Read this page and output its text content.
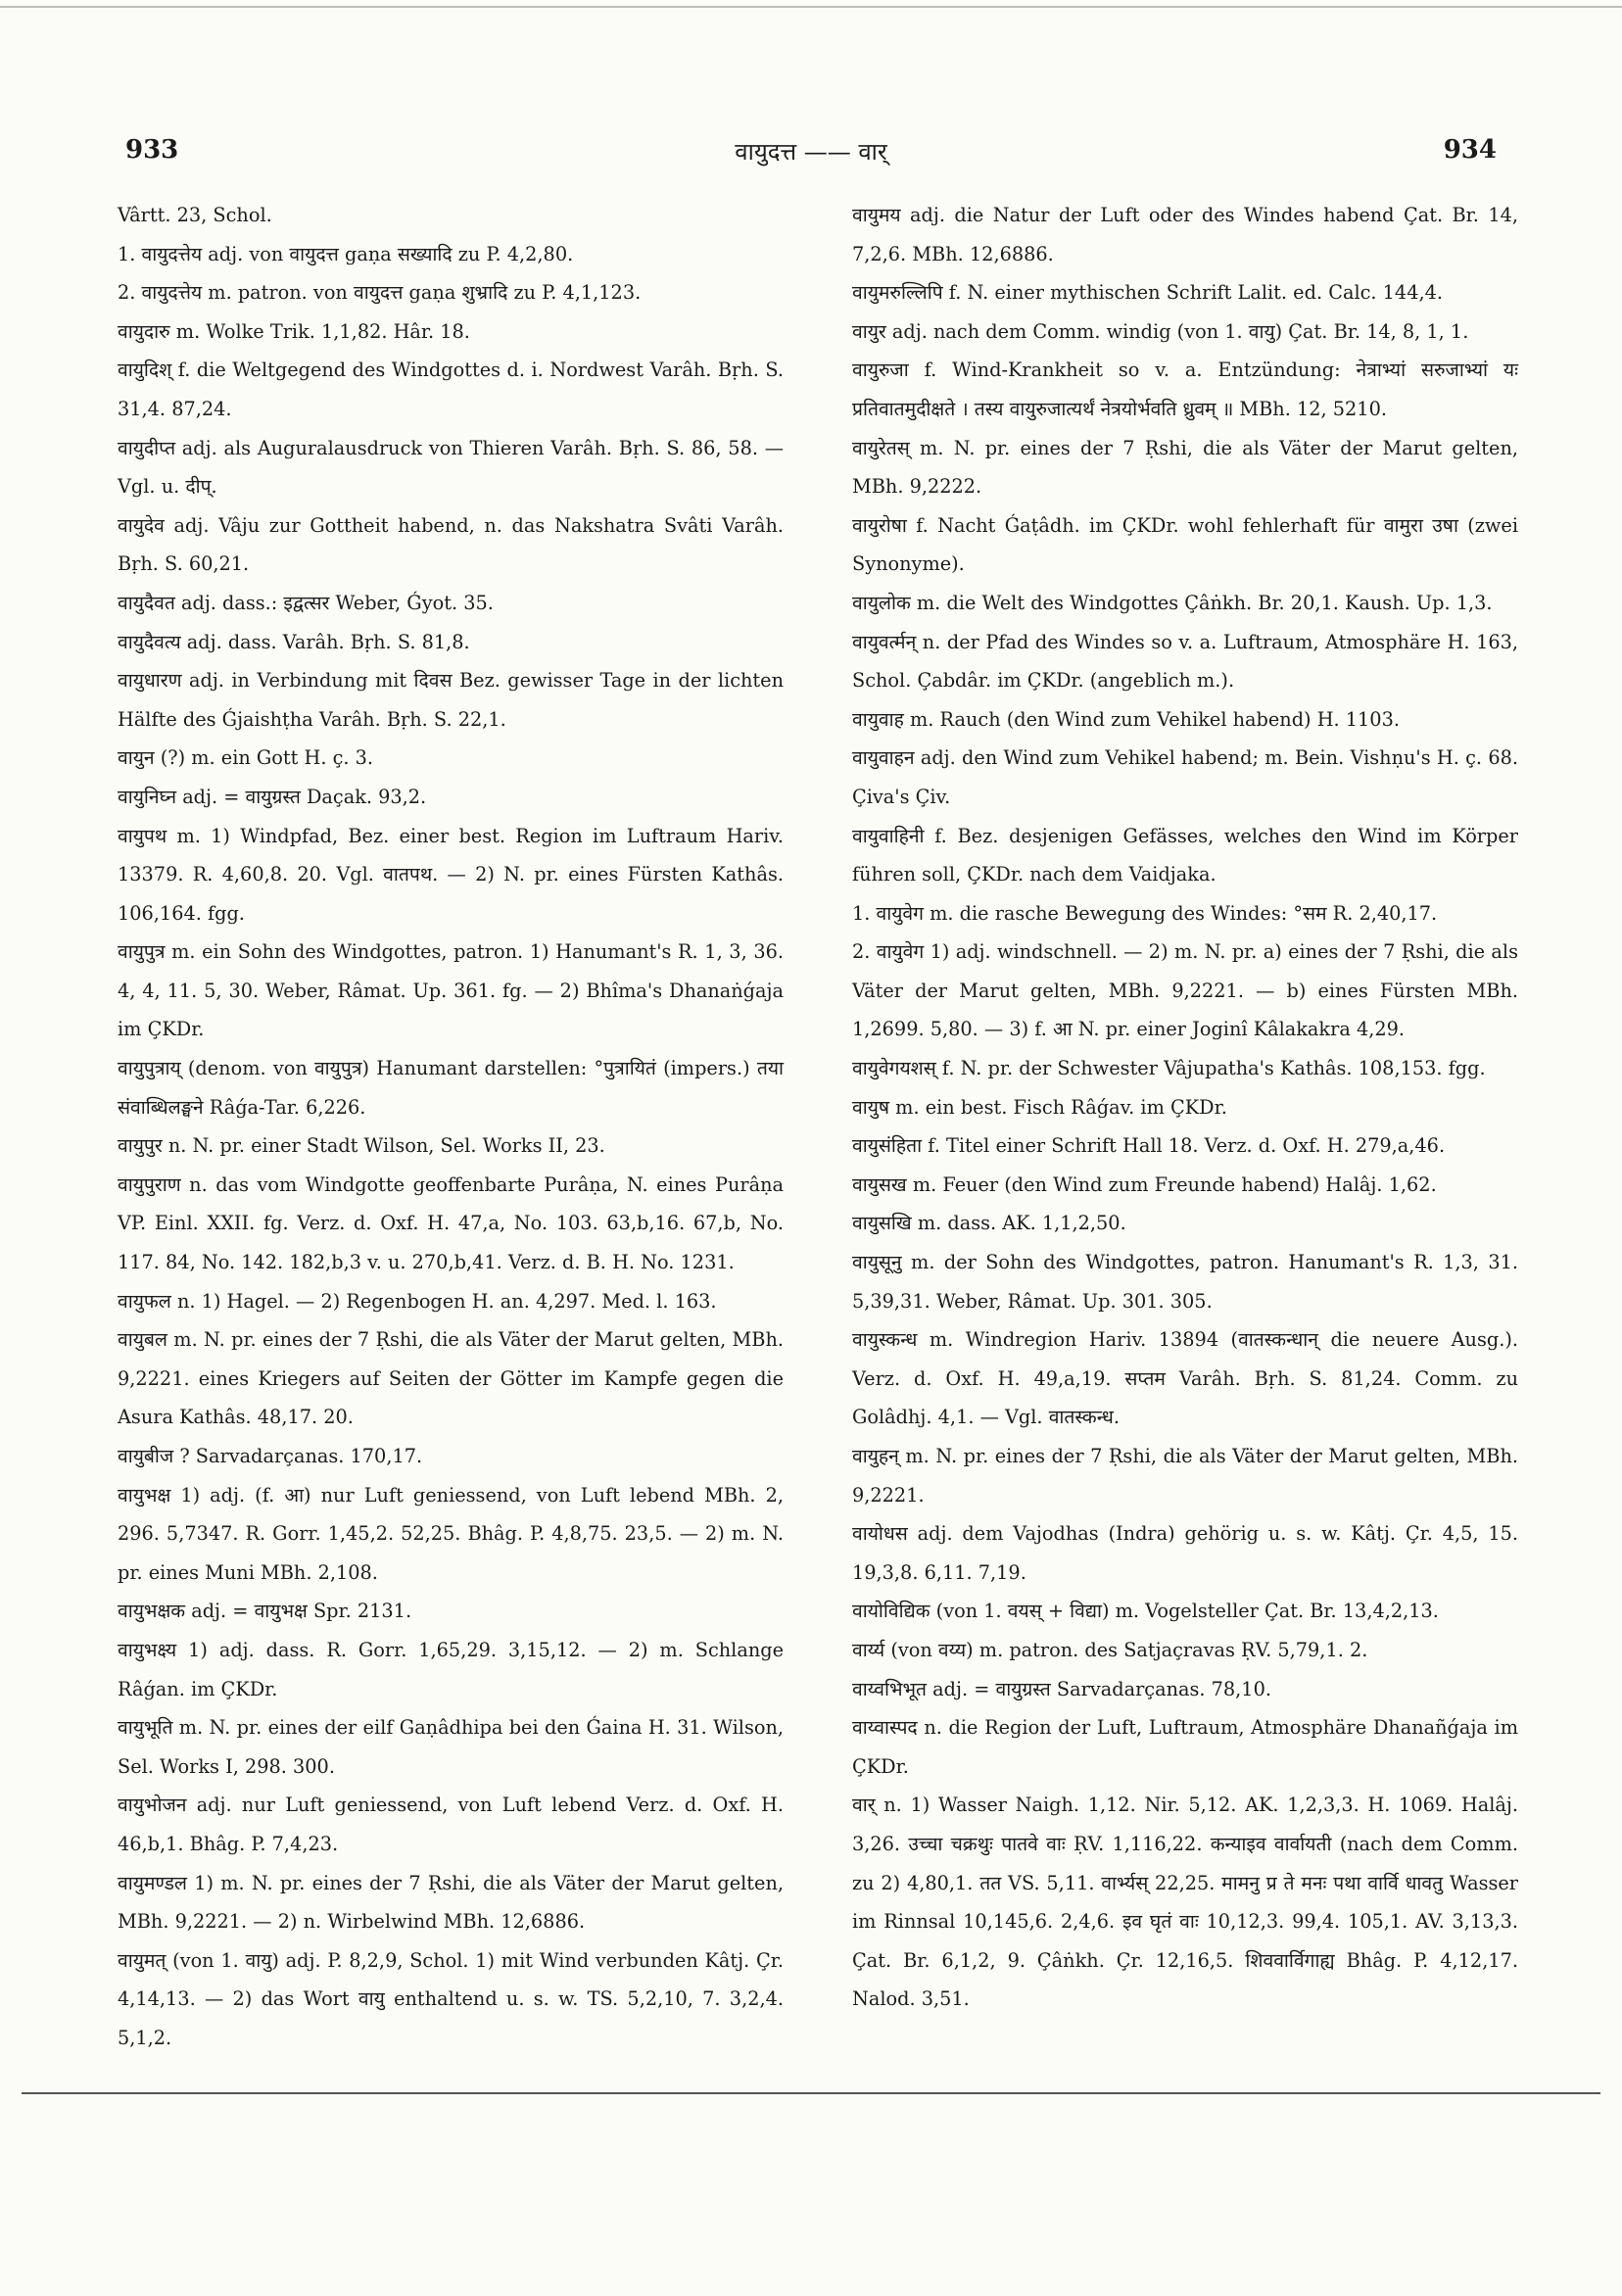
933	वायुदत्त —— वार्	934

Vârtt. 23, Schol.

1. वायुदत्तेय adj. von वायुदत्त gaṇa सख्यादि zu P. 4,2,80.

2. वायुदत्तेय m. patron. von वायुदत्त gaṇa शुभ्रादि zu P. 4,1,123.

वायुदारु m. Wolke Trik. 1,1,82. Hâr. 18.

वायुदिश् f. die Weltgegend des Windgottes d. i. Nordwest Varâh. Bṛh. S. 31,4. 87,24.

वायुदीप्त adj. als Auguralausdruck von Thieren Varâh. Bṛh. S. 86, 58. — Vgl. u. दीप्.

वायुदेव adj. Vâju zur Gottheit habend, n. das Nakshatra Svâti Varâh. Bṛh. S. 60,21.

वायुदैवत adj. dass.: इद्वत्सर Weber, Ǵyot. 35.

वायुदैवत्य adj. dass. Varâh. Bṛh. S. 81,8.

वायुधारण adj. in Verbindung mit दिवस Bez. gewisser Tage in der lichten Hälfte des Ǵjaishṭha Varâh. Bṛh. S. 22,1.

वायुन (?) m. ein Gott H. ç. 3.

वायुनिघ्न adj. = वायुग्रस्त Daçak. 93,2.

वायुपथ m. 1) Windpfad, Bez. einer best. Region im Luftraum Hariv. 13379. R. 4,60,8. 20. Vgl. वातपथ. — 2) N. pr. eines Fürsten Kathâs. 106,164. fgg.

वायुपुत्र m. ein Sohn des Windgottes, patron. 1) Hanumant's R. 1, 3, 36. 4, 4, 11. 5, 30. Weber, Râmat. Up. 361. fg. — 2) Bhîma's Dhanaṅǵaja im ÇKDr.

वायुपुत्राय् (denom. von वायुपुत्र) Hanumant darstellen: °पुत्रायितं (impers.) तया संवाब्धिलङ्घने Râǵa-Tar. 6,226.

वायुपुर n. N. pr. einer Stadt Wilson, Sel. Works II, 23.

वायुपुराण n. das vom Windgotte geoffenbarte Purâṇa, N. eines Purâṇa VP. Einl. XXII. fg. Verz. d. Oxf. H. 47,a, No. 103. 63,b,16. 67,b, No. 117. 84, No. 142. 182,b,3 v. u. 270,b,41. Verz. d. B. H. No. 1231.

वायुफल n. 1) Hagel. — 2) Regenbogen H. an. 4,297. Med. l. 163.

वायुबल m. N. pr. eines der 7 Ṛshi, die als Väter der Marut gelten, MBh. 9,2221. eines Kriegers auf Seiten der Götter im Kampfe gegen die Asura Kathâs. 48,17. 20.

वायुबीज ? Sarvadarçanas. 170,17.

वायुभक्ष 1) adj. (f. आ) nur Luft geniessend, von Luft lebend MBh. 2, 296. 5,7347. R. Gorr. 1,45,2. 52,25. Bhâg. P. 4,8,75. 23,5. — 2) m. N. pr. eines Muni MBh. 2,108.

वायुभक्षक adj. = वायुभक्ष Spr. 2131.

वायुभक्ष्य 1) adj. dass. R. Gorr. 1,65,29. 3,15,12. — 2) m. Schlange Râǵan. im ÇKDr.

वायुभूति m. N. pr. eines der eilf Gaṇâdhipa bei den Ǵaina H. 31. Wilson, Sel. Works I, 298. 300.

वायुभोजन adj. nur Luft geniessend, von Luft lebend Verz. d. Oxf. H. 46,b,1. Bhâg. P. 7,4,23.

वायुमण्डल 1) m. N. pr. eines der 7 Ṛshi, die als Väter der Marut gelten, MBh. 9,2221. — 2) n. Wirbelwind MBh. 12,6886.

वायुमत् (von 1. वायु) adj. P. 8,2,9, Schol. 1) mit Wind verbunden Kâtj. Çr. 4,14,13. — 2) das Wort वायु enthaltend u. s. w. TS. 5,2,10, 7. 3,2,4. 5,1,2.

वायुमय adj. die Natur der Luft oder des Windes habend Çat. Br. 14, 7,2,6. MBh. 12,6886.

वायुमरुल्लिपि f. N. einer mythischen Schrift Lalit. ed. Calc. 144,4.

वायुर adj. nach dem Comm. windig (von 1. वायु) Çat. Br. 14, 8, 1, 1.

वायुरुजा f. Wind-Krankheit so v. a. Entzündung: नेत्राभ्यां सरुजाभ्यां यः प्रतिवातमुदीक्षते । तस्य वायुरुजात्यर्थं नेत्रयोर्भवति ध्रुवम् ॥ MBh. 12, 5210.

वायुरेतस् m. N. pr. eines der 7 Ṛshi, die als Väter der Marut gelten, MBh. 9,2222.

वायुरोषा f. Nacht Ǵaṭâdh. im ÇKDr. wohl fehlerhaft für वामुरा उषा (zwei Synonyme).

वायुलोक m. die Welt des Windgottes Çâṅkh. Br. 20,1. Kaush. Up. 1,3.

वायुवर्त्मन् n. der Pfad des Windes so v. a. Luftraum, Atmosphäre H. 163, Schol. Çabdâr. im ÇKDr. (angeblich m.).

वायुवाह m. Rauch (den Wind zum Vehikel habend) H. 1103.

वायुवाहन adj. den Wind zum Vehikel habend; m. Bein. Vishṇu's H. ç. 68. Çiva's Çiv.

वायुवाहिनी f. Bez. desjenigen Gefässes, welches den Wind im Körper führen soll, ÇKDr. nach dem Vaidjaka.

1. वायुवेग m. die rasche Bewegung des Windes: °सम R. 2,40,17.

2. वायुवेग 1) adj. windschnell. — 2) m. N. pr. a) eines der 7 Ṛshi, die als Väter der Marut gelten, MBh. 9,2221. — b) eines Fürsten MBh. 1,2699. 5,80. — 3) f. आ N. pr. einer Joginî Kâlakakra 4,29.

वायुवेगयशस् f. N. pr. der Schwester Vâjupatha's Kathâs. 108,153. fgg.

वायुष m. ein best. Fisch Râǵav. im ÇKDr.

वायुसंहिता f. Titel einer Schrift Hall 18. Verz. d. Oxf. H. 279,a,46.

वायुसख m. Feuer (den Wind zum Freunde habend) Halâj. 1,62.

वायुसखि m. dass. AK. 1,1,2,50.

वायुसूनु m. der Sohn des Windgottes, patron. Hanumant's R. 1,3, 31. 5,39,31. Weber, Râmat. Up. 301. 305.

वायुस्कन्ध m. Windregion Hariv. 13894 (वातस्कन्धान् die neuere Ausg.). Verz. d. Oxf. H. 49,a,19. सप्तम Varâh. Bṛh. S. 81,24. Comm. zu Golâdhj. 4,1. — Vgl. वातस्कन्ध.

वायुहन् m. N. pr. eines der 7 Ṛshi, die als Väter der Marut gelten, MBh. 9,2221.

वायोधस adj. dem Vajodhas (Indra) gehörig u. s. w. Kâtj. Çr. 4,5, 15. 19,3,8. 6,11. 7,19.

वायोविद्यिक (von 1. वयस् + विद्या) m. Vogelsteller Çat. Br. 13,4,2,13.

वार्य्य (von वय्य) m. patron. des Satjaçravas ṚV. 5,79,1. 2.

वाय्वभिभूत adj. = वायुग्रस्त Sarvadarçanas. 78,10.

वाय्वास्पद n. die Region der Luft, Luftraum, Atmosphäre Dhanañǵaja im ÇKDr.

वार् n. 1) Wasser Naigh. 1,12. Nir. 5,12. AK. 1,2,3,3. H. 1069. Halâj. 3,26. उच्चा चक्रथुः पातवे वाः ṚV. 1,116,22. कन्याइव वार्वायती (nach dem Comm. zu 2) 4,80,1. तत VS. 5,11. वार्भ्यस् 22,25. मामनु प्र ते मनः पथा वार्वि धावतु Wasser im Rinnsal 10,145,6. 2,4,6. इव घृतं वाः 10,12,3. 99,4. 105,1. AV. 3,13,3. Çat. Br. 6,1,2, 9. Çâṅkh. Çr. 12,16,5. शिववार्विगाह्य Bhâg. P. 4,12,17. Nalod. 3,51.
